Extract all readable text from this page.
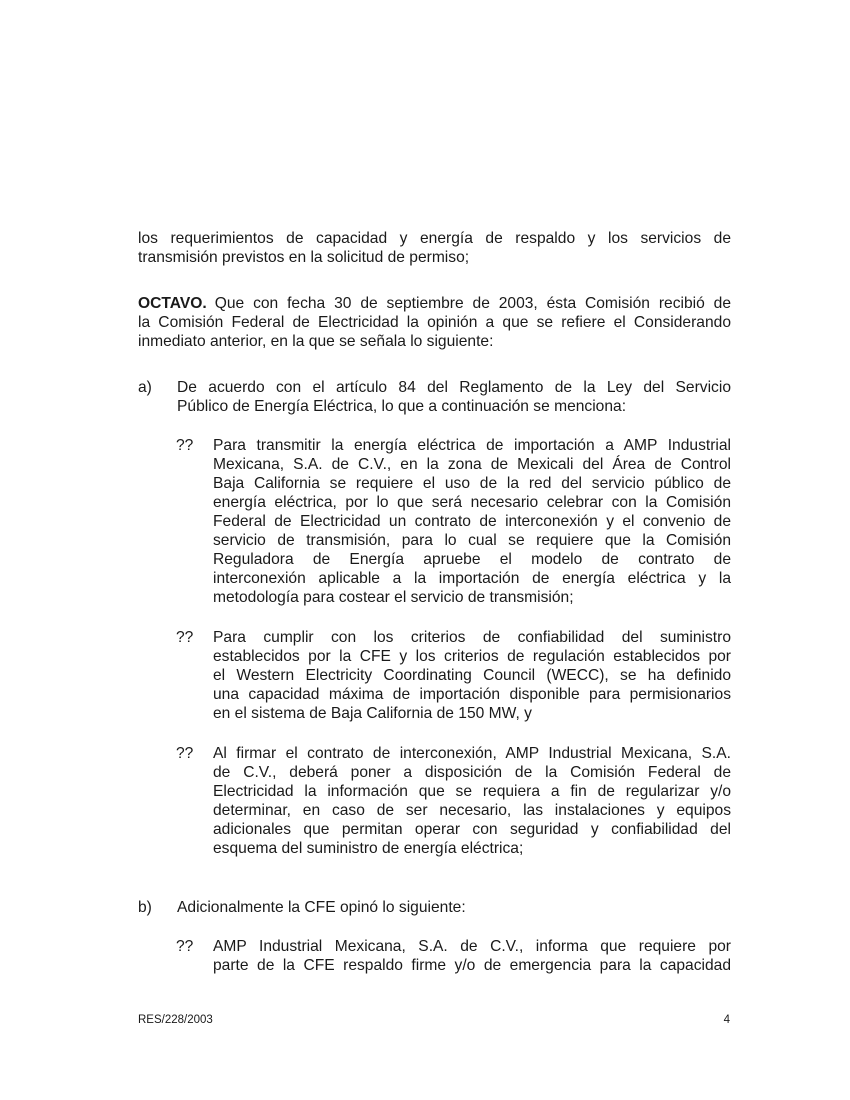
los requerimientos de capacidad y energía de respaldo y los servicios de
transmisión previstos en la solicitud de permiso;
OCTAVO. Que con fecha 30 de septiembre de 2003, ésta Comisión recibió de
la Comisión Federal de Electricidad la opinión a que se refiere el Considerando
inmediato anterior, en la que se señala lo siguiente:
a) De acuerdo con el artículo 84 del Reglamento de la Ley del Servicio
Público de Energía Eléctrica, lo que a continuación se menciona:
?? Para transmitir la energía eléctrica de importación a AMP Industrial
Mexicana, S.A. de C.V., en la zona de Mexicali del Área de Control
Baja California se requiere el uso de la red del servicio público de
energía eléctrica, por lo que será necesario celebrar con la Comisión
Federal de Electricidad un contrato de interconexión y el convenio de
servicio de transmisión, para lo cual se requiere que la Comisión
Reguladora de Energía apruebe el modelo de contrato de
interconexión aplicable a la importación de energía eléctrica y la
metodología para costear el servicio de transmisión;
?? Para cumplir con los criterios de confiabilidad del suministro
establecidos por la CFE y los criterios de regulación establecidos por
el Western Electricity Coordinating Council (WECC), se ha definido
una capacidad máxima de importación disponible para permisionarios
en el sistema de Baja California de 150 MW, y
?? Al firmar el contrato de interconexión, AMP Industrial Mexicana, S.A.
de C.V., deberá poner a disposición de la Comisión Federal de
Electricidad la información que se requiera a fin de regularizar y/o
determinar, en caso de ser necesario, las instalaciones y equipos
adicionales que permitan operar con seguridad y confiabilidad del
esquema del suministro de energía eléctrica;
b) Adicionalmente la CFE opinó lo siguiente:
?? AMP Industrial Mexicana, S.A. de C.V., informa que requiere por
parte de la CFE respaldo firme y/o de emergencia para la capacidad
RES/228/2003	4
